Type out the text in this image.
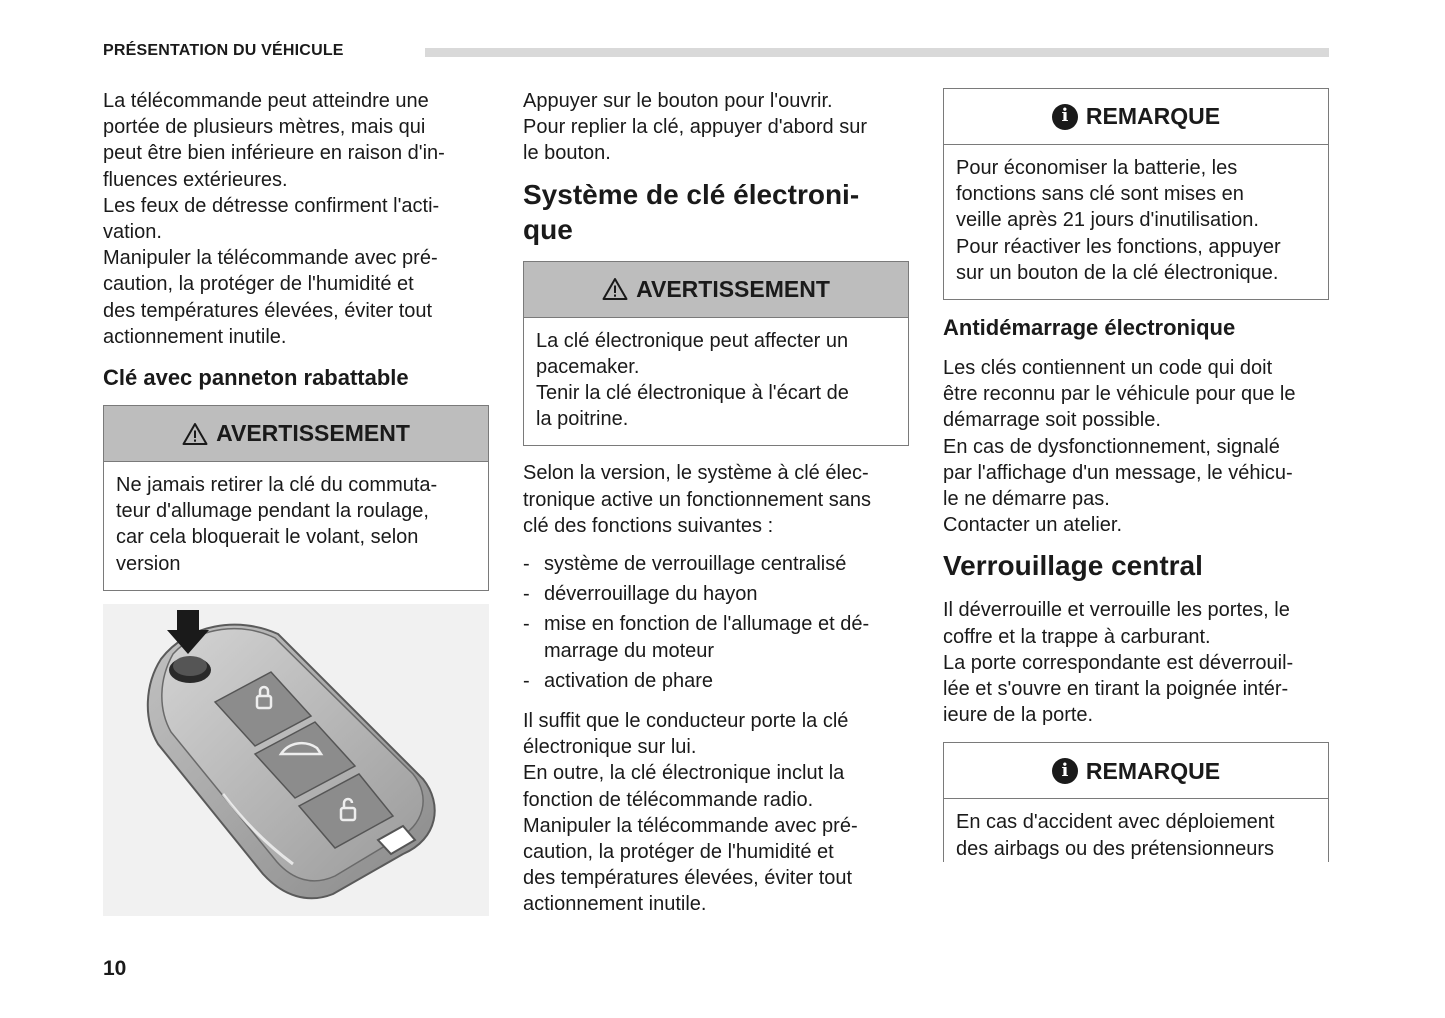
PRÉSENTATION DU VÉHICULE

La télécommande peut atteindre une
portée de plusieurs mètres, mais qui
peut être bien inférieure en raison d'in-
fluences extérieures.
Les feux de détresse confirment l'acti-
vation.
Manipuler la télécommande avec pré-
caution, la protéger de l'humidité et
des températures élevées, éviter tout
actionnement inutile.

Clé avec panneton rabattable
AVERTISSEMENT
Ne jamais retirer la clé du commuta-
teur d'allumage pendant la roulage,
car cela bloquerait le volant, selon
version

Appuyer sur le bouton pour l'ouvrir.
Pour replier la clé, appuyer d'abord sur
le bouton.

Système de clé électroni-
que
AVERTISSEMENT
La clé électronique peut affecter un
pacemaker.
Tenir la clé électronique à l'écart de
la poitrine.

Selon la version, le système à clé élec-
tronique active un fonctionnement sans
clé des fonctions suivantes :

- système de verrouillage centralisé
- déverrouillage du hayon
- mise en fonction de l'allumage et dé-
marrage du moteur
- activation de phare

Il suffit que le conducteur porte la clé
électronique sur lui.
En outre, la clé électronique inclut la
fonction de télécommande radio.
Manipuler la télécommande avec pré-
caution, la protéger de l'humidité et
des températures élevées, éviter tout
actionnement inutile.

i REMARQUE
Pour économiser la batterie, les
fonctions sans clé sont mises en
veille après 21 jours d'inutilisation.
Pour réactiver les fonctions, appuyer
sur un bouton de la clé électronique.
Antidémarrage électronique

Les clés contiennent un code qui doit
être reconnu par le véhicule pour que le
démarrage soit possible.
En cas de dysfonctionnement, signalé
par l'affichage d'un message, le véhicu-
le ne démarre pas.
Contacter un atelier.

Verrouillage central

Il déverrouille et verrouille les portes, le
coffre et la trappe à carburant.
La porte correspondante est déverrouil-
lée et s'ouvre en tirant la poignée intér-
ieure de la porte.

i REMARQUE
En cas d'accident avec déploiement
des airbags ou des prétensionneurs
10
